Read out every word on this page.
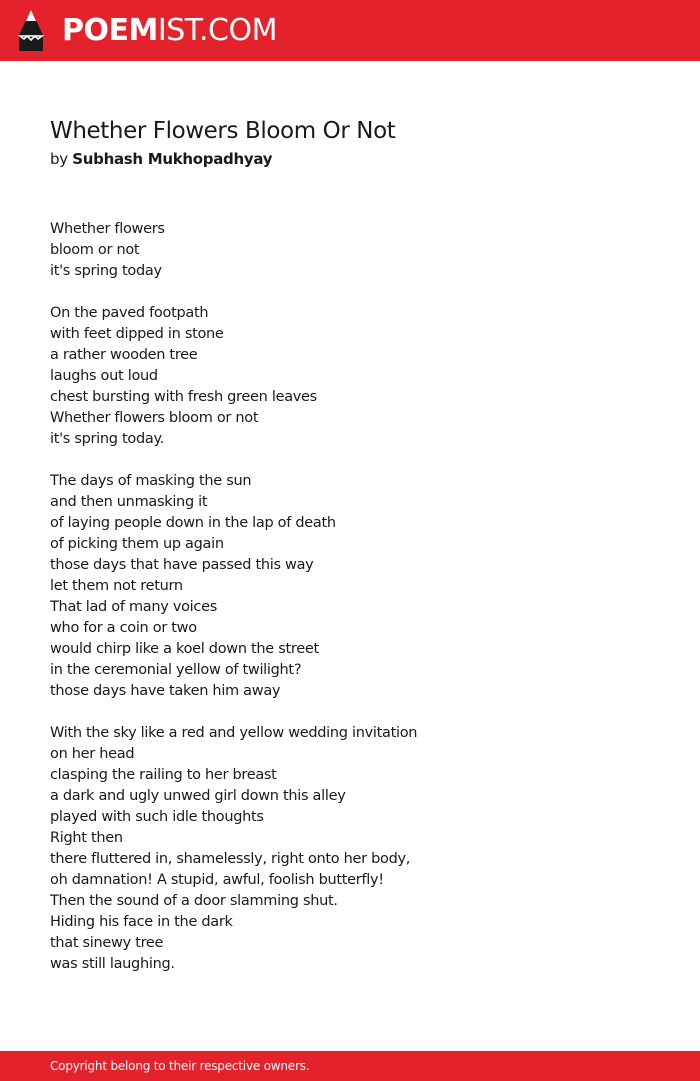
POEMIST.COM
Whether Flowers Bloom Or Not
by Subhash Mukhopadhyay
Whether flowers
bloom or not
it's spring today
On the paved footpath
with feet dipped in stone
a rather wooden tree
laughs out loud
chest bursting with fresh green leaves
Whether flowers bloom or not
it's spring today.
The days of masking the sun
and then unmasking it
of laying people down in the lap of death
of picking them up again
those days that have passed this way
let them not return
That lad of many voices
who for a coin or two
would chirp like a koel down the street
in the ceremonial yellow of twilight?
those days have taken him away
With the sky like a red and yellow wedding invitation
on her head
clasping the railing to her breast
a dark and ugly unwed girl down this alley
played with such idle thoughts
Right then
there fluttered in, shamelessly, right onto her body,
oh damnation! A stupid, awful, foolish butterfly!
Then the sound of a door slamming shut.
Hiding his face in the dark
that sinewy tree
was still laughing.
Copyright belong to their respective owners.
